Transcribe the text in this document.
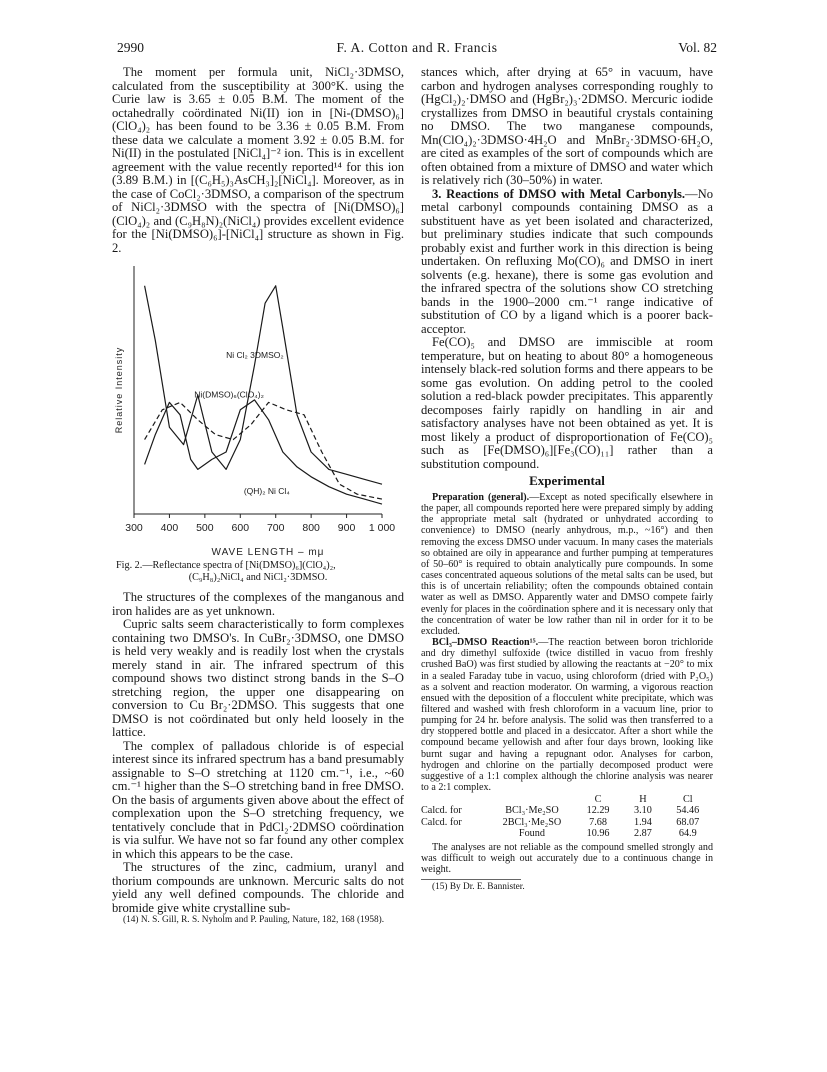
2990	F. A. Cotton and R. Francis	Vol. 82

The moment per formula unit, NiCl₂·3DMSO, calculated from the susceptibility at 300°K. using the Curie law is 3.65 ± 0.05 B.M. The moment of the octahedrally coördinated Ni(II) ion in [Ni-(DMSO)₆](ClO₄)₂ has been found to be 3.36 ± 0.05 B.M. From these data we calculate a moment 3.92 ± 0.05 B.M. for Ni(II) in the postulated [NiCl₄]⁻² ion. This is in excellent agreement with the value recently reported¹⁴ for this ion (3.89 B.M.) in [(C₆H₅)₃AsCH₃]₂[NiCl₄]. Moreover, as in the case of CoCl₂·3DMSO, a comparison of the spectrum of NiCl₂·3DMSO with the spectra of [Ni(DMSO)₆](ClO₄)₂ and (C₉H₈N)₂(NiCl₄) provides excellent evidence for the [Ni(DMSO)₆]-[NiCl₄] structure as shown in Fig. 2.

300 400 500 600 700 800 900 1 000
WAVE LENGTH – mμ
Relative Intensity	Ni Cl₂ 3DMSO₂
Ni(DMSO)₆(ClO₄)₂
(QH)₂ Ni Cl₄
Fig. 2.—Reflectance spectra of [Ni(DMSO)₆](ClO₄)₂,
(C₉H₈)₂NiCl₄ and NiCl₂·3DMSO.

The structures of the complexes of the manganous and iron halides are as yet unknown.

Cupric salts seem characteristically to form complexes containing two DMSO's. In CuBr₂·3DMSO, one DMSO is held very weakly and is readily lost when the crystals merely stand in air. The infrared spectrum of this compound shows two distinct strong bands in the S–O stretching region, the upper one disappearing on conversion to Cu Br₂·2DMSO. This suggests that one DMSO is not coördinated but only held loosely in the lattice.

The complex of palladous chloride is of especial interest since its infrared spectrum has a band presumably assignable to S–O stretching at 1120 cm.⁻¹, i.e., ~60 cm.⁻¹ higher than the S–O stretching band in free DMSO. On the basis of arguments given above about the effect of complexation upon the S–O stretching frequency, we tentatively conclude that in PdCl₂·2DMSO coördination is via sulfur. We have not so far found any other complex in which this appears to be the case.

The structures of the zinc, cadmium, uranyl and thorium compounds are unknown. Mercuric salts do not yield any well defined compounds. The chloride and bromide give white crystalline sub-

(14) N. S. Gill, R. S. Nyholm and P. Pauling, Nature, 182, 168 (1958).

stances which, after drying at 65° in vacuum, have carbon and hydrogen analyses corresponding roughly to (HgCl₂)₂·DMSO and (HgBr₂)₃·2DMSO. Mercuric iodide crystallizes from DMSO in beautiful crystals containing no DMSO. The two manganese compounds, Mn(ClO₄)₂·3DMSO·4H₂O and MnBr₂·3DMSO·6H₂O, are cited as examples of the sort of compounds which are often obtained from a mixture of DMSO and water which is relatively rich (30–50%) in water.

3. Reactions of DMSO with Metal Carbonyls.—No metal carbonyl compounds containing DMSO as a substituent have as yet been isolated and characterized, but preliminary studies indicate that such compounds probably exist and further work in this direction is being undertaken. On refluxing Mo(CO)₆ and DMSO in inert solvents (e.g. hexane), there is some gas evolution and the infrared spectra of the solutions show CO stretching bands in the 1900–2000 cm.⁻¹ range indicative of substitution of CO by a ligand which is a poorer back-acceptor.

Fe(CO)₅ and DMSO are immiscible at room temperature, but on heating to about 80° a homogeneous intensely black-red solution forms and there appears to be some gas evolution. On adding petrol to the cooled solution a red-black powder precipitates. This apparently decomposes fairly rapidly on handling in air and satisfactory analyses have not been obtained as yet. It is most likely a product of disproportionation of Fe(CO)₅ such as [Fe(DMSO)₆][Fe₃(CO)₁₁] rather than a substitution compound.

Experimental

Preparation (general).—Except as noted specifically elsewhere in the paper, all compounds reported here were prepared simply by adding the appropriate metal salt (hydrated or unhydrated according to convenience) to DMSO (nearly anhydrous, m.p., ~16°) and then removing the excess DMSO under vacuum. In many cases the materials so obtained are oily in appearance and further pumping at temperatures of 50–60° is required to obtain analytically pure compounds. In some cases concentrated aqueous solutions of the metal salts can be used, but this is of uncertain reliability; often the compounds obtained contain water as well as DMSO. Apparently water and DMSO compete fairly evenly for places in the coördination sphere and it is necessary only that the concentration of water be low rather than nil in order for it to be excluded.

BCl₃–DMSO Reaction¹⁵.—The reaction between boron trichloride and dry dimethyl sulfoxide (twice distilled in vacuo from freshly crushed BaO) was first studied by allowing the reactants at −20° to mix in a sealed Faraday tube in vacuo, using chloroform (dried with P₂O₅) as a solvent and reaction moderator. On warming, a vigorous reaction ensued with the deposition of a flocculent white precipitate, which was filtered and washed with fresh chloroform in a vacuum line, prior to pumping for 24 hr. before analysis. The solid was then transferred to a dry stoppered bottle and placed in a desiccator. After a short while the compound became yellowish and after four days brown, looking like burnt sugar and having a repugnant odor. Analyses for carbon, hydrogen and chlorine on the partially decomposed product were suggestive of a 1:1 complex although the chlorine analysis was nearer to a 2:1 complex.

		C	H	Cl
Calcd. for	BCl₃·Me₂SO	12.29	3.10	54.46
Calcd. for	2BCl₃·Me₂SO	7.68	1.94	68.07
	Found	10.96	2.87	64.9

The analyses are not reliable as the compound smelled strongly and was difficult to weigh out accurately due to a continuous change in weight.

(15) By Dr. E. Bannister.
